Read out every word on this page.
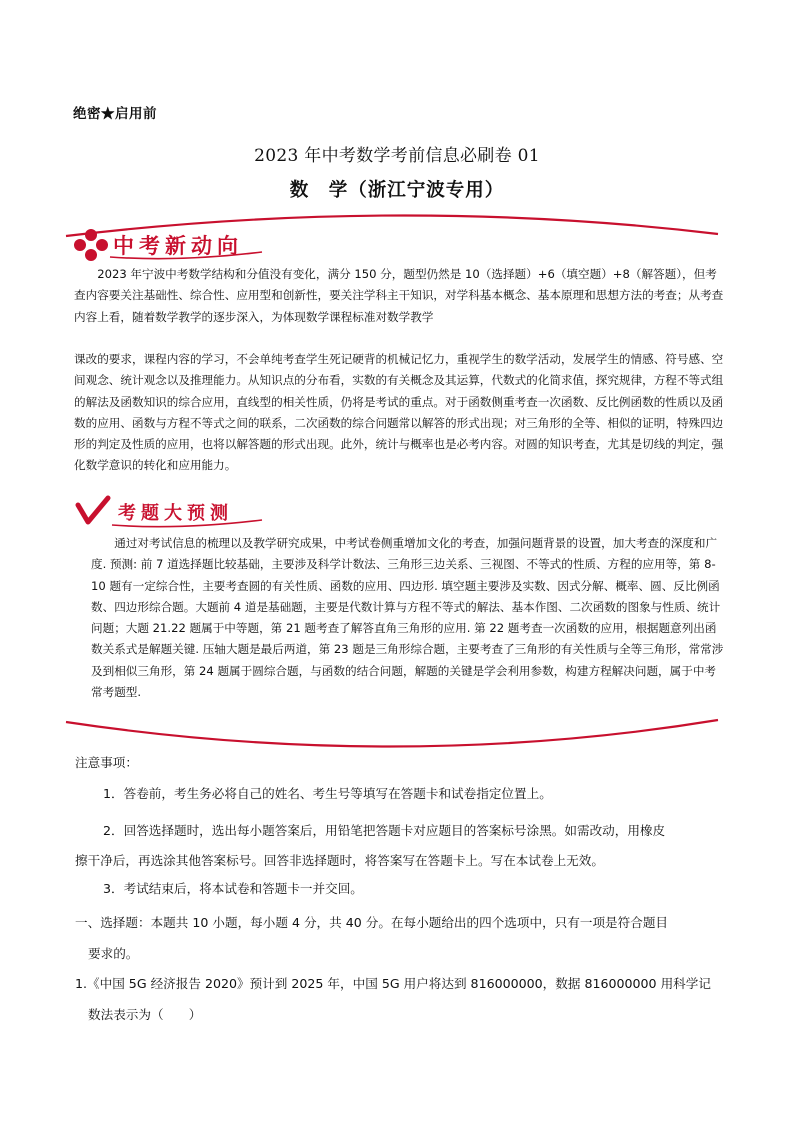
绝密★启用前
2023 年中考数学考前信息必刷卷 01
数　学（浙江宁波专用）
中考新动向
2023 年宁波中考数学结构和分值没有变化，满分 150 分，题型仍然是 10（选择题）+6（填空题）+8（解答题），但考查内容要关注基础性、综合性、应用型和创新性，要关注学科主干知识，对学科基本概念、基本原理和思想方法的考查；从考查内容上看，随着数学教学的逐步深入，为体现数学课程标准对数学教学
课改的要求，课程内容的学习，不会单纯考查学生死记硬背的机械记忆力，重视学生的数学活动，发展学生的情感、符号感、空间观念、统计观念以及推理能力。从知识点的分布看，实数的有关概念及其运算，代数式的化简求值，探究规律，方程不等式组的解法及函数知识的综合应用，直线型的相关性质，仍将是考试的重点。对于函数侧重考查一次函数、反比例函数的性质以及函数的应用、函数与方程不等式之间的联系，二次函数的综合问题常以解答的形式出现；对三角形的全等、相似的证明，特殊四边形的判定及性质的应用，也将以解答题的形式出现。此外，统计与概率也是必考内容。对圆的知识考查，尤其是切线的判定，强化数学意识的转化和应用能力。
考题大预测
通过对考试信息的梳理以及教学研究成果，中考试卷侧重增加文化的考查，加强问题背景的设置，加大考查的深度和广度. 预测: 前 7 道选择题比较基础，主要涉及科学计数法、三角形三边关系、三视图、不等式的性质、方程的应用等，第 8-10 题有一定综合性，主要考查圆的有关性质、函数的应用、四边形. 填空题主要涉及实数、因式分解、概率、圆、反比例函数、四边形综合题。大题前 4 道是基础题，主要是代数计算与方程不等式的解法、基本作图、二次函数的图象与性质、统计问题；大题 21.22 题属于中等题，第 21 题考查了解答直角三角形的应用. 第 22 题考查一次函数的应用，根据题意列出函数关系式是解题关键. 压轴大题是最后两道，第 23 题是三角形综合题，主要考查了三角形的有关性质与全等三角形，常常涉及到相似三角形，第 24 题属于圆综合题，与函数的结合问题，解题的关键是学会利用参数，构建方程解决问题，属于中考常考题型.
注意事项：
1．答卷前，考生务必将自己的姓名、考生号等填写在答题卡和试卷指定位置上。
2．回答选择题时，选出每小题答案后，用铅笔把答题卡对应题目的答案标号涂黑。如需改动，用橡皮
擦干净后，再选涂其他答案标号。回答非选择题时，将答案写在答题卡上。写在本试卷上无效。
3．考试结束后，将本试卷和答题卡一并交回。
一、选择题：本题共 10 小题，每小题 4 分，共 40 分。在每小题给出的四个选项中，只有一项是符合题目
要求的。
1.《中国 5G 经济报告 2020》预计到 2025 年，中国 5G 用户将达到 816000000，数据 816000000 用科学记
数法表示为（　　）
